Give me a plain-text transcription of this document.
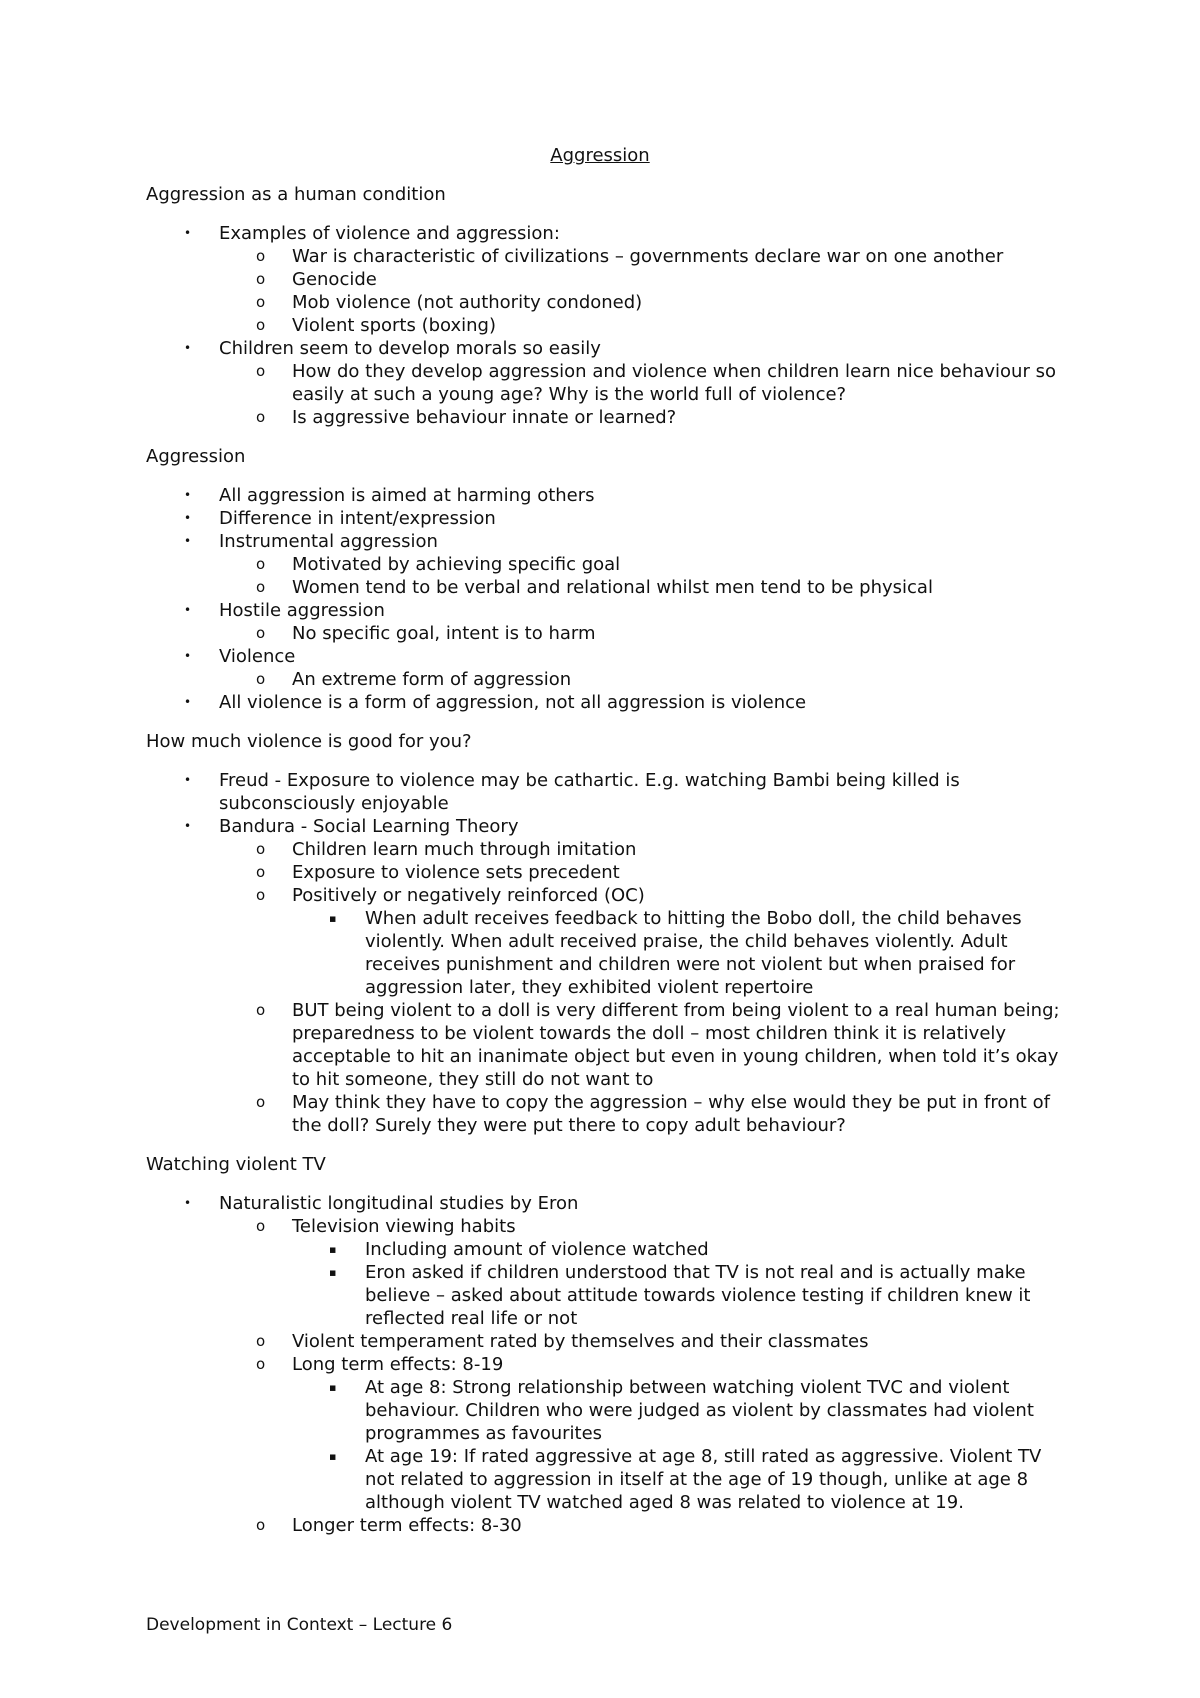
Aggression

Aggression as a human condition

• Examples of violence and aggression:
o War is characteristic of civilizations – governments declare war on one another
o Genocide
o Mob violence (not authority condoned)
o Violent sports (boxing)
• Children seem to develop morals so easily
o How do they develop aggression and violence when children learn nice behaviour so easily at such a young age? Why is the world full of violence?
o Is aggressive behaviour innate or learned?

Aggression

• All aggression is aimed at harming others
• Difference in intent/expression
• Instrumental aggression
o Motivated by achieving specific goal
o Women tend to be verbal and relational whilst men tend to be physical
• Hostile aggression
o No specific goal, intent is to harm
• Violence
o An extreme form of aggression
• All violence is a form of aggression, not all aggression is violence

How much violence is good for you?

• Freud - Exposure to violence may be cathartic. E.g. watching Bambi being killed is subconsciously enjoyable
• Bandura - Social Learning Theory
o Children learn much through imitation
o Exposure to violence sets precedent
o Positively or negatively reinforced (OC)
▪ When adult receives feedback to hitting the Bobo doll, the child behaves violently. When adult received praise, the child behaves violently. Adult receives punishment and children were not violent but when praised for aggression later, they exhibited violent repertoire
o BUT being violent to a doll is very different from being violent to a real human being; preparedness to be violent towards the doll – most children think it is relatively acceptable to hit an inanimate object but even in young children, when told it’s okay to hit someone, they still do not want to
o May think they have to copy the aggression – why else would they be put in front of the doll? Surely they were put there to copy adult behaviour?

Watching violent TV

• Naturalistic longitudinal studies by Eron
o Television viewing habits
▪ Including amount of violence watched
▪ Eron asked if children understood that TV is not real and is actually make believe – asked about attitude towards violence testing if children knew it reflected real life or not
o Violent temperament rated by themselves and their classmates
o Long term effects: 8-19
▪ At age 8: Strong relationship between watching violent TVC and violent behaviour. Children who were judged as violent by classmates had violent programmes as favourites
▪ At age 19: If rated aggressive at age 8, still rated as aggressive. Violent TV not related to aggression in itself at the age of 19 though, unlike at age 8 although violent TV watched aged 8 was related to violence at 19.
o Longer term effects: 8-30
Development in Context – Lecture 6
